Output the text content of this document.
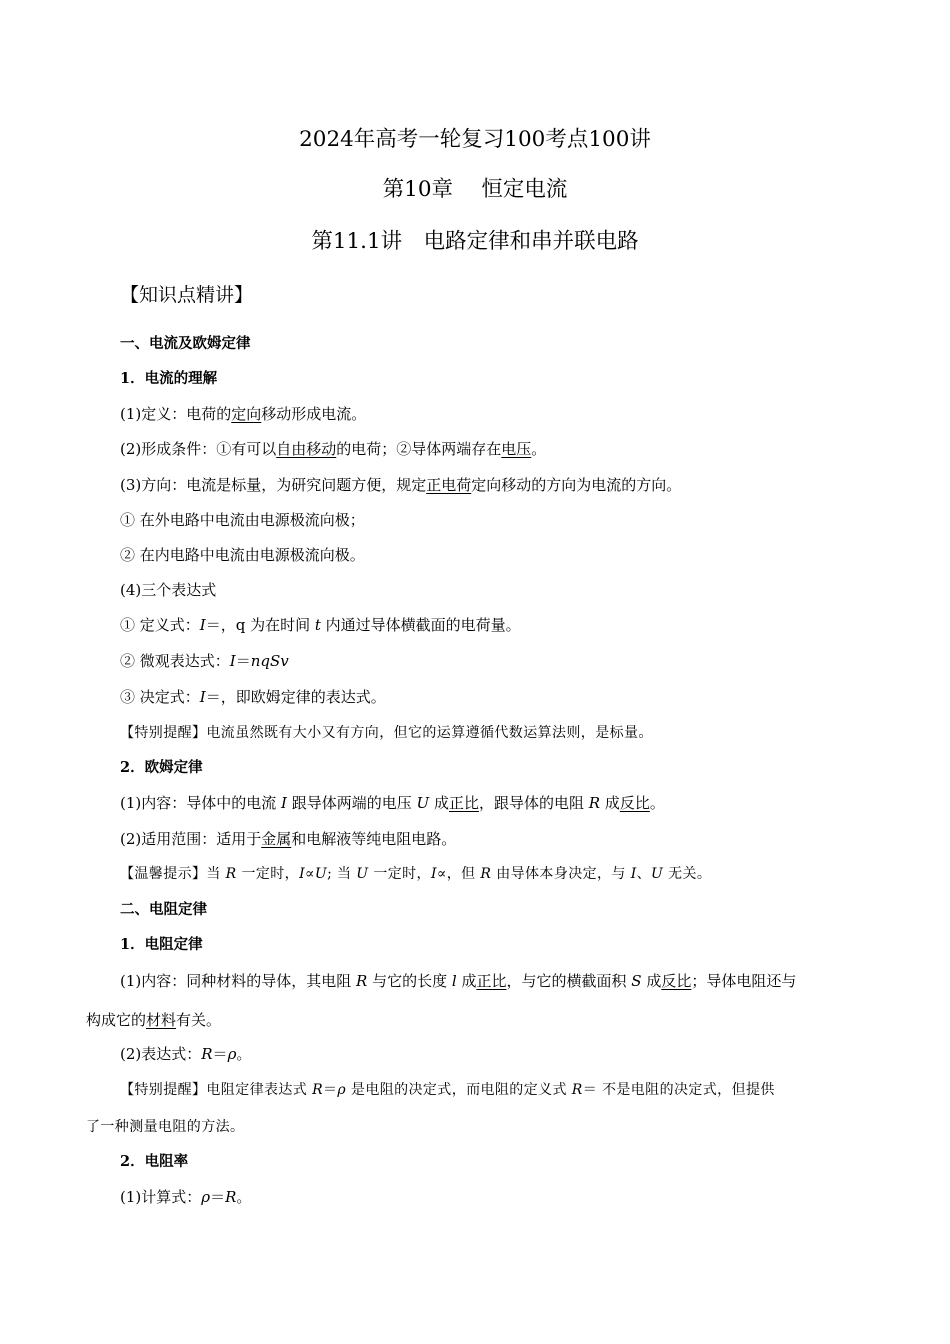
2024年高考一轮复习100考点100讲
第10章　 恒定电流
第11.1讲　电路定律和串并联电路
【知识点精讲】
一、电流及欧姆定律
1．电流的理解
(1)定义：电荷的定向移动形成电流。
(2)形成条件：①有可以自由移动的电荷；②导体两端存在电压。
(3)方向：电流是标量，为研究问题方便，规定正电荷定向移动的方向为电流的方向。
① 在外电路中电流由电源极流向极；
② 在内电路中电流由电源极流向极。
(4)三个表达式
① 定义式：I＝，q 为在时间 t 内通过导体横截面的电荷量。
② 微观表达式：I＝nqSv
③ 决定式：I＝，即欧姆定律的表达式。
【特别提醒】电流虽然既有大小又有方向，但它的运算遵循代数运算法则，是标量。
2．欧姆定律
(1)内容：导体中的电流 I 跟导体两端的电压 U 成正比，跟导体的电阻 R 成反比。
(2)适用范围：适用于金属和电解液等纯电阻电路。
【温馨提示】当 R 一定时，I∝U; 当 U 一定时，I∝，但 R 由导体本身决定，与 I、U 无关。
二、电阻定律
1．电阻定律
(1)内容：同种材料的导体，其电阻 R 与它的长度 l 成正比，与它的横截面积 S 成反比；导体电阻还与
构成它的材料有关。
(2)表达式：R＝ρ。
【特别提醒】电阻定律表达式 R＝ρ 是电阻的决定式，而电阻的定义式 R＝ 不是电阻的决定式，但提供
了一种测量电阻的方法。
2．电阻率
(1)计算式：ρ＝R。
